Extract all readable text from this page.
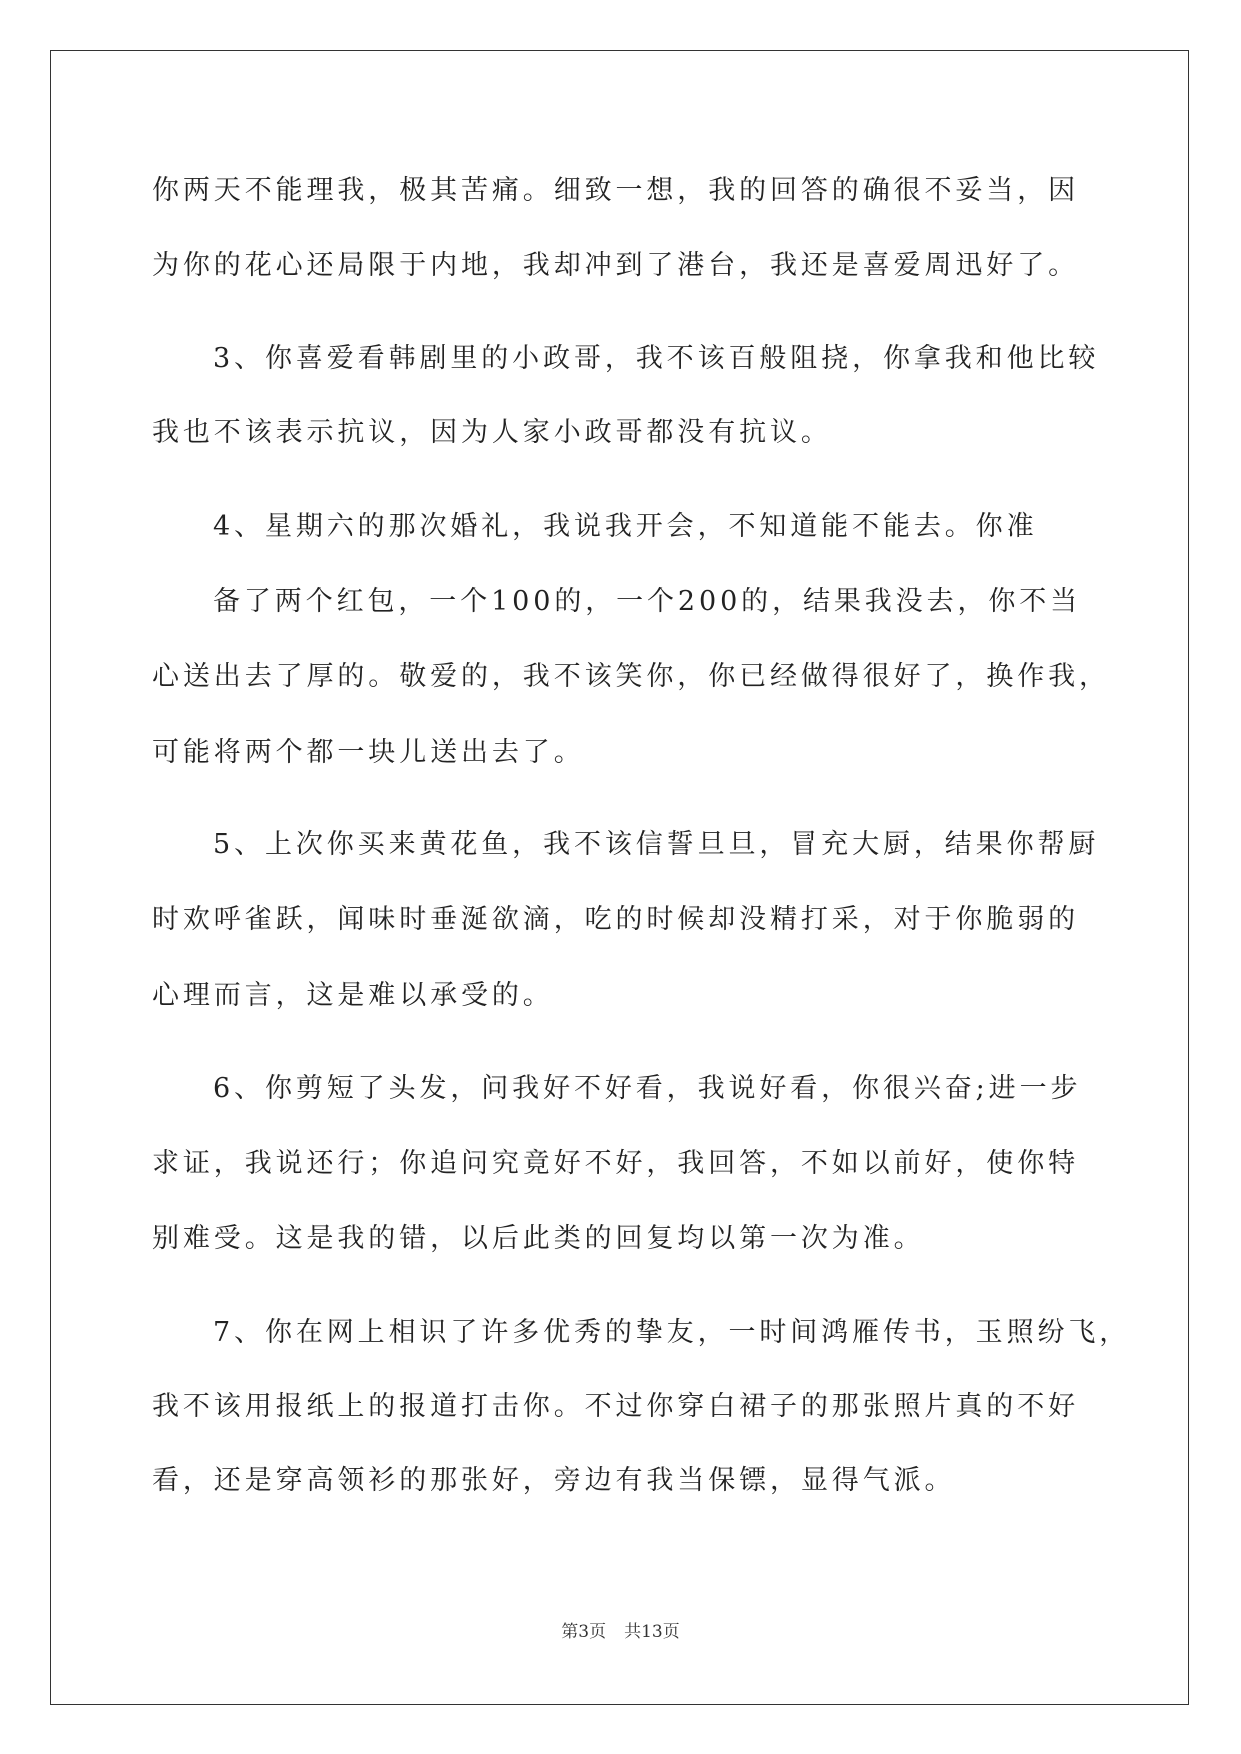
你两天不能理我，极其苦痛。细致一想，我的回答的确很不妥当，因
为你的花心还局限于内地，我却冲到了港台，我还是喜爱周迅好了。
3、你喜爱看韩剧里的小政哥，我不该百般阻挠，你拿我和他比较
我也不该表示抗议，因为人家小政哥都没有抗议。
4、星期六的那次婚礼，我说我开会，不知道能不能去。你准
备了两个红包，一个100的，一个200的，结果我没去，你不当
心送出去了厚的。敬爱的，我不该笑你，你已经做得很好了，换作我，
可能将两个都一块儿送出去了。
5、上次你买来黄花鱼，我不该信誓旦旦，冒充大厨，结果你帮厨
时欢呼雀跃，闻味时垂涎欲滴，吃的时候却没精打采，对于你脆弱的
心理而言，这是难以承受的。
6、你剪短了头发，问我好不好看，我说好看，你很兴奋;进一步
求证，我说还行；你追问究竟好不好，我回答，不如以前好，使你特
别难受。这是我的错，以后此类的回复均以第一次为准。
7、你在网上相识了许多优秀的挚友，一时间鸿雁传书，玉照纷飞，
我不该用报纸上的报道打击你。不过你穿白裙子的那张照片真的不好
看，还是穿高领衫的那张好，旁边有我当保镖，显得气派。
第3页 共13页
